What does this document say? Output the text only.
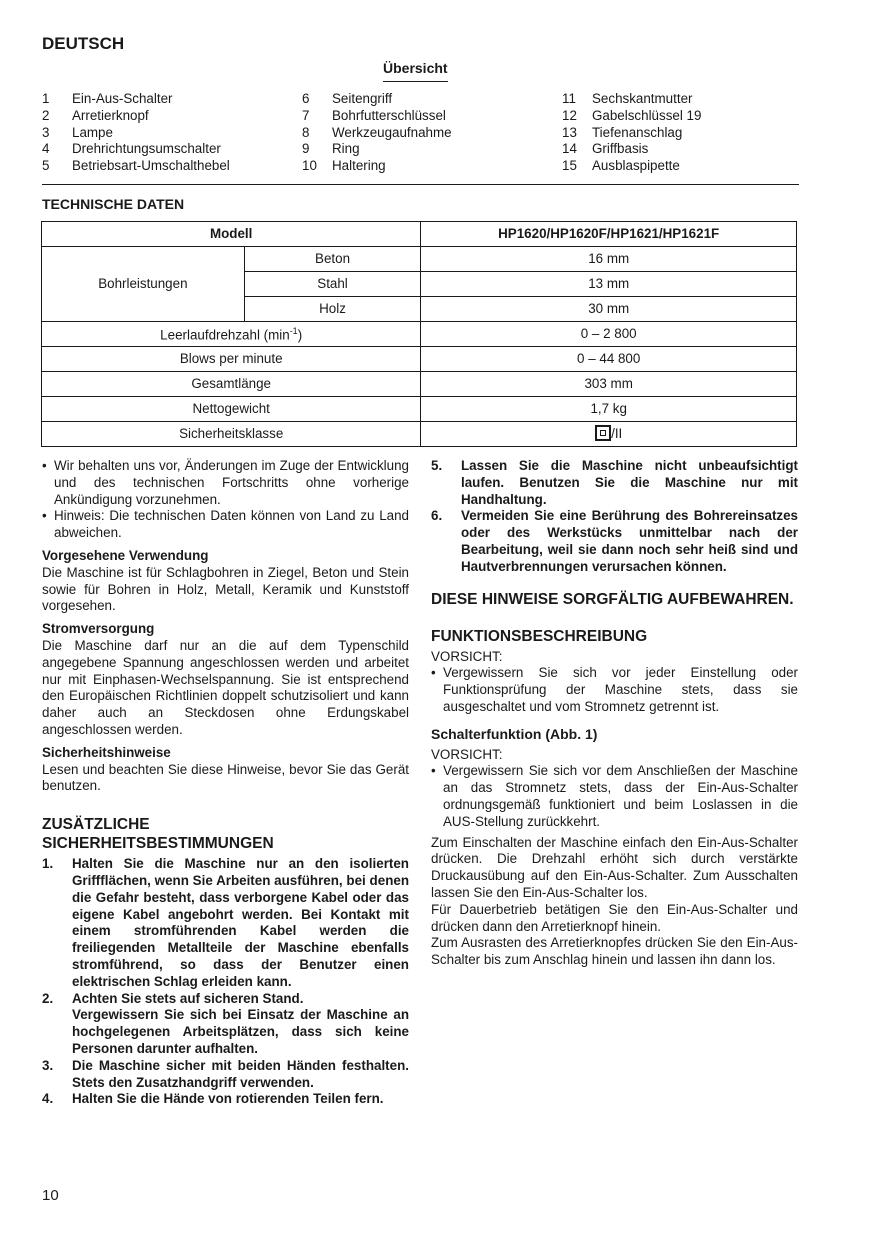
DEUTSCH
Übersicht
1	Ein-Aus-Schalter
2	Arretierknopf
3	Lampe
4	Drehrichtungsumschalter
5	Betriebsart-Umschalthebel
6	Seitengriff
7	Bohrfutterschlüssel
8	Werkzeugaufnahme
9	Ring
10	Haltering
11	Sechskantmutter
12	Gabelschlüssel 19
13	Tiefenanschlag
14	Griffbasis
15	Ausblaspipette
TECHNISCHE DATEN
Modell		HP1620/HP1620F/HP1621/HP1621F
Bohrleistungen	Beton	16 mm
	Stahl	13 mm
	Holz	30 mm
Leerlaufdrehzahl $(\min^{-1})$		0 – 2 800
Blows per minute		0 – 44 800
Gesamtlänge		303 mm
Nettogewicht		1,7 kg
Sicherheitsklasse		/II
• Wir behalten uns vor, Änderungen im Zuge der Entwicklung und des technischen Fortschritts ohne vorherige Ankündigung vorzunehmen.
• Hinweis: Die technischen Daten können von Land zu Land abweichen.
Vorgesehene Verwendung

Die Maschine ist für Schlagbohren in Ziegel, Beton und Stein sowie für Bohren in Holz, Metall, Keramik und Kunststoff vorgesehen.

Stromversorgung

Die Maschine darf nur an die auf dem Typenschild angegebene Spannung angeschlossen werden und arbeitet nur mit Einphasen-Wechselspannung. Sie ist entsprechend den Europäischen Richtlinien doppelt schutzisoliert und kann daher auch an Steckdosen ohne Erdungskabel angeschlossen werden.

Sicherheitshinweise

Lesen und beachten Sie diese Hinweise, bevor Sie das Gerät benutzen.

ZUSÄTZLICHE
SICHERHEITSBESTIMMUNGEN
1.	Halten Sie die Maschine nur an den isolierten Griffflächen, wenn Sie Arbeiten ausführen, bei denen die Gefahr besteht, dass verborgene Kabel oder das eigene Kabel angebohrt werden. Bei Kontakt mit einem stromführenden Kabel werden die freiliegenden Metallteile der Maschine ebenfalls stromführend, so dass der Benutzer einen elektrischen Schlag erleiden kann.
2.	Achten Sie stets auf sicheren Stand.
Vergewissern Sie sich bei Einsatz der Maschine an hochgelegenen Arbeitsplätzen, dass sich keine Personen darunter aufhalten.
3.	Die Maschine sicher mit beiden Händen festhalten. Stets den Zusatzhandgriff verwenden.
4.	Halten Sie die Hände von rotierenden Teilen fern.
5.	Lassen Sie die Maschine nicht unbeaufsichtigt laufen. Benutzen Sie die Maschine nur mit Handhaltung.
6.	Vermeiden Sie eine Berührung des Bohrereinsatzes oder des Werkstücks unmittelbar nach der Bearbeitung, weil sie dann noch sehr heiß sind und Hautverbrennungen verursachen können.
DIESE HINWEISE SORGFÄLTIG AUFBEWAHREN.
FUNKTIONSBESCHREIBUNG

VORSICHT:

• Vergewissern Sie sich vor jeder Einstellung oder Funktionsprüfung der Maschine stets, dass sie ausgeschaltet und vom Stromnetz getrennt ist.
Schalterfunktion (Abb. 1)

VORSICHT:

• Vergewissern Sie sich vor dem Anschließen der Maschine an das Stromnetz stets, dass der Ein-Aus-Schalter ordnungsgemäß funktioniert und beim Loslassen in die AUS-Stellung zurückkehrt.

Zum Einschalten der Maschine einfach den Ein-Aus-Schalter drücken. Die Drehzahl erhöht sich durch verstärkte Druckausübung auf den Ein-Aus-Schalter. Zum Ausschalten lassen Sie den Ein-Aus-Schalter los.

Für Dauerbetrieb betätigen Sie den Ein-Aus-Schalter und drücken dann den Arretierknopf hinein.

Zum Ausrasten des Arretierknopfes drücken Sie den Ein-Aus-Schalter bis zum Anschlag hinein und lassen ihn dann los.

10
